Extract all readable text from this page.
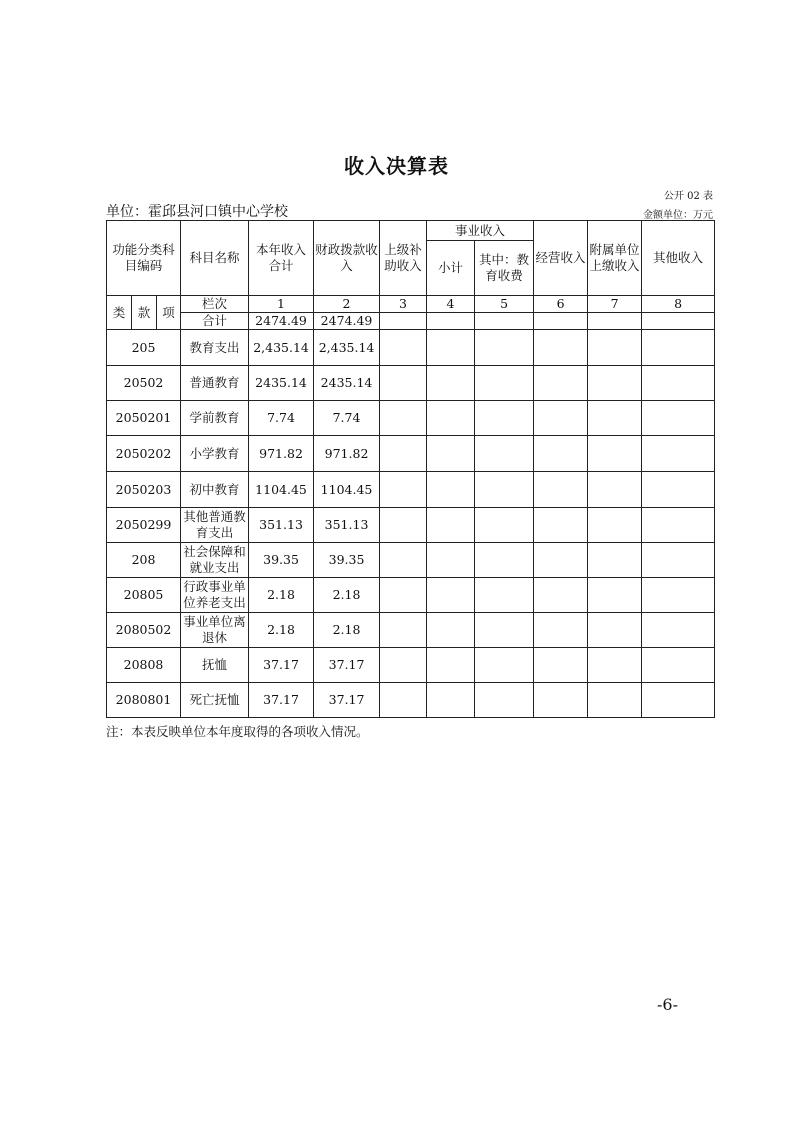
收入决算表
公开 02 表
单位：霍邱县河口镇中心学校	金额单位：万元
功能分类科目编码			科目名称	本年收入合计	财政拨款收入	上级补助收入	事业收入		经营收入	附属单位上缴收入	其他收入
							小计	其中：教育收费			
类	款	项	栏次	1	2	3	4	5	6	7	8
			合计	2474.49	2474.49						
205			教育支出	2,435.14	2,435.14						
20502			普通教育	2435.14	2435.14						
2050201			学前教育	7.74	7.74						
2050202			小学教育	971.82	971.82						
2050203			初中教育	1104.45	1104.45						
2050299			其他普通教育支出	351.13	351.13						
208			社会保障和就业支出	39.35	39.35						
20805			行政事业单位养老支出	2.18	2.18						
2080502			事业单位离退休	2.18	2.18						
20808			抚恤	37.17	37.17						
2080801			死亡抚恤	37.17	37.17						
注：本表反映单位本年度取得的各项收入情况。
-6-
